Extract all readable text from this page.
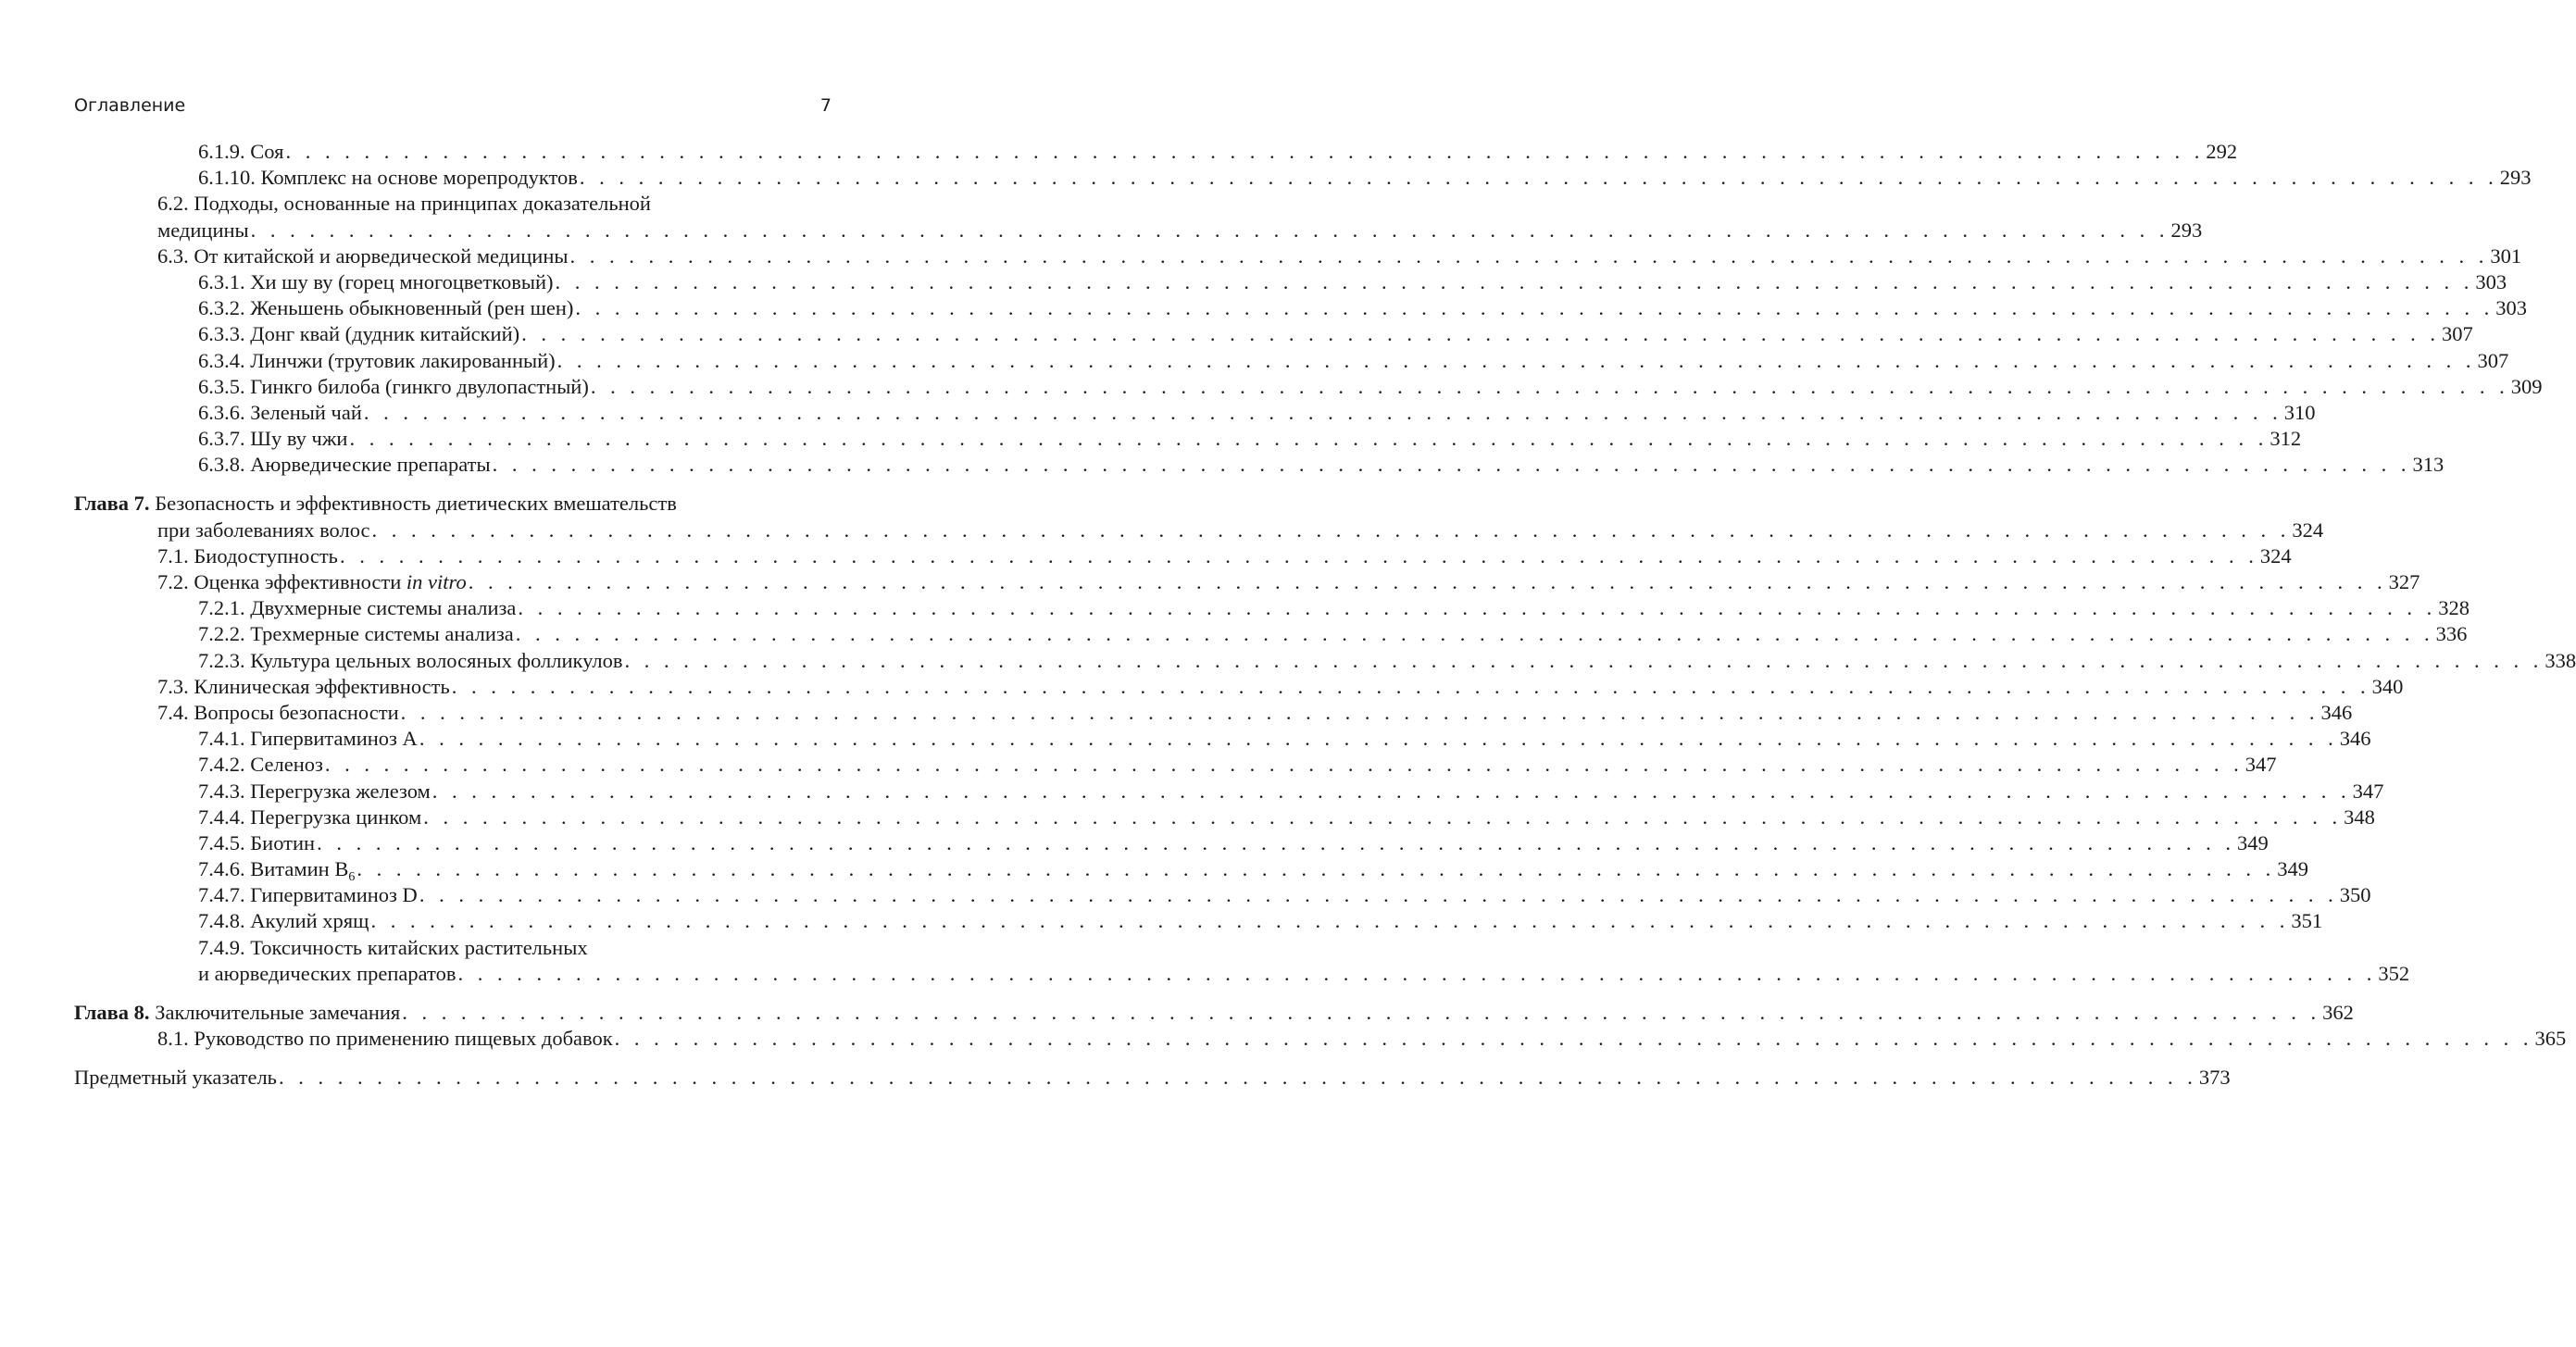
Оглавление	7
6.1.9. Соя . . . . . . . . . . . . . . . . . . . . . . . . . . . . . . . . . . . . . . . . . . . . . . . . . . . . . . . . . . . . . . . . . . . . . . . . . . . . . . . . . . . . . . . . . . . . . . . . . . 292
6.1.10. Комплекс на основе морепродуктов . . . . . . . . . . . . . . . . . . . . . . . . . . . . . . . . . . . . . . . . . . . . . . . . . . . . . . . . . . . . . . . . . . . . . . . . . . . . . . . . . . . . . . . . . . . . . . . . . . 293
6.2. Подходы, основанные на принципах доказательной
медицины . . . . . . . . . . . . . . . . . . . . . . . . . . . . . . . . . . . . . . . . . . . . . . . . . . . . . . . . . . . . . . . . . . . . . . . . . . . . . . . . . . . . . . . . . . . . . . . . . . 293
6.3. От китайской и аюрведической медицины . . . . . . . . . . . . . . . . . . . . . . . . . . . . . . . . . . . . . . . . . . . . . . . . . . . . . . . . . . . . . . . . . . . . . . . . . . . . . . . . . . . . . . . . . . . . . . . . . . 301
6.3.1. Хи шу ву (горец многоцветковый) . . . . . . . . . . . . . . . . . . . . . . . . . . . . . . . . . . . . . . . . . . . . . . . . . . . . . . . . . . . . . . . . . . . . . . . . . . . . . . . . . . . . . . . . . . . . . . . . . . 303
6.3.2. Женьшень обыкновенный (рен шен) . . . . . . . . . . . . . . . . . . . . . . . . . . . . . . . . . . . . . . . . . . . . . . . . . . . . . . . . . . . . . . . . . . . . . . . . . . . . . . . . . . . . . . . . . . . . . . . . . . 303
6.3.3. Донг квай (дудник китайский) . . . . . . . . . . . . . . . . . . . . . . . . . . . . . . . . . . . . . . . . . . . . . . . . . . . . . . . . . . . . . . . . . . . . . . . . . . . . . . . . . . . . . . . . . . . . . . . . . . 307
6.3.4. Линчжи (трутовик лакированный) . . . . . . . . . . . . . . . . . . . . . . . . . . . . . . . . . . . . . . . . . . . . . . . . . . . . . . . . . . . . . . . . . . . . . . . . . . . . . . . . . . . . . . . . . . . . . . . . . . 307
6.3.5. Гинкго билоба (гинкго двулопастный) . . . . . . . . . . . . . . . . . . . . . . . . . . . . . . . . . . . . . . . . . . . . . . . . . . . . . . . . . . . . . . . . . . . . . . . . . . . . . . . . . . . . . . . . . . . . . . . . . . 309
6.3.6. Зеленый чай . . . . . . . . . . . . . . . . . . . . . . . . . . . . . . . . . . . . . . . . . . . . . . . . . . . . . . . . . . . . . . . . . . . . . . . . . . . . . . . . . . . . . . . . . . . . . . . . . . 310
6.3.7. Шу ву чжи . . . . . . . . . . . . . . . . . . . . . . . . . . . . . . . . . . . . . . . . . . . . . . . . . . . . . . . . . . . . . . . . . . . . . . . . . . . . . . . . . . . . . . . . . . . . . . . . . . 312
6.3.8. Аюрведические препараты . . . . . . . . . . . . . . . . . . . . . . . . . . . . . . . . . . . . . . . . . . . . . . . . . . . . . . . . . . . . . . . . . . . . . . . . . . . . . . . . . . . . . . . . . . . . . . . . . . 313
Глава 7. Безопасность и эффективность диетических вмешательств
при заболеваниях волос . . . . . . . . . . . . . . . . . . . . . . . . . . . . . . . . . . . . . . . . . . . . . . . . . . . . . . . . . . . . . . . . . . . . . . . . . . . . . . . . . . . . . . . . . . . . . . . . . . 324
7.1. Биодоступность . . . . . . . . . . . . . . . . . . . . . . . . . . . . . . . . . . . . . . . . . . . . . . . . . . . . . . . . . . . . . . . . . . . . . . . . . . . . . . . . . . . . . . . . . . . . . . . . . . 324
7.2. Оценка эффективности in vitro . . . . . . . . . . . . . . . . . . . . . . . . . . . . . . . . . . . . . . . . . . . . . . . . . . . . . . . . . . . . . . . . . . . . . . . . . . . . . . . . . . . . . . . . . . . . . . . . . . 327
7.2.1. Двухмерные системы анализа . . . . . . . . . . . . . . . . . . . . . . . . . . . . . . . . . . . . . . . . . . . . . . . . . . . . . . . . . . . . . . . . . . . . . . . . . . . . . . . . . . . . . . . . . . . . . . . . . . 328
7.2.2. Трехмерные системы анализа . . . . . . . . . . . . . . . . . . . . . . . . . . . . . . . . . . . . . . . . . . . . . . . . . . . . . . . . . . . . . . . . . . . . . . . . . . . . . . . . . . . . . . . . . . . . . . . . . . 336
7.2.3. Культура цельных волосяных фолликулов . . . . . . . . . . . . . . . . . . . . . . . . . . . . . . . . . . . . . . . . . . . . . . . . . . . . . . . . . . . . . . . . . . . . . . . . . . . . . . . . . . . . . . . . . . . . . . . . . . 338
7.3. Клиническая эффективность . . . . . . . . . . . . . . . . . . . . . . . . . . . . . . . . . . . . . . . . . . . . . . . . . . . . . . . . . . . . . . . . . . . . . . . . . . . . . . . . . . . . . . . . . . . . . . . . . . 340
7.4. Вопросы безопасности . . . . . . . . . . . . . . . . . . . . . . . . . . . . . . . . . . . . . . . . . . . . . . . . . . . . . . . . . . . . . . . . . . . . . . . . . . . . . . . . . . . . . . . . . . . . . . . . . . 346
7.4.1. Гипервитаминоз A . . . . . . . . . . . . . . . . . . . . . . . . . . . . . . . . . . . . . . . . . . . . . . . . . . . . . . . . . . . . . . . . . . . . . . . . . . . . . . . . . . . . . . . . . . . . . . . . . . 346
7.4.2. Селеноз . . . . . . . . . . . . . . . . . . . . . . . . . . . . . . . . . . . . . . . . . . . . . . . . . . . . . . . . . . . . . . . . . . . . . . . . . . . . . . . . . . . . . . . . . . . . . . . . . . 347
7.4.3. Перегрузка железом . . . . . . . . . . . . . . . . . . . . . . . . . . . . . . . . . . . . . . . . . . . . . . . . . . . . . . . . . . . . . . . . . . . . . . . . . . . . . . . . . . . . . . . . . . . . . . . . . . 347
7.4.4. Перегрузка цинком . . . . . . . . . . . . . . . . . . . . . . . . . . . . . . . . . . . . . . . . . . . . . . . . . . . . . . . . . . . . . . . . . . . . . . . . . . . . . . . . . . . . . . . . . . . . . . . . . . 348
7.4.5. Биотин . . . . . . . . . . . . . . . . . . . . . . . . . . . . . . . . . . . . . . . . . . . . . . . . . . . . . . . . . . . . . . . . . . . . . . . . . . . . . . . . . . . . . . . . . . . . . . . . . . 349
7.4.6. Витамин $B_6$ . . . . . . . . . . . . . . . . . . . . . . . . . . . . . . . . . . . . . . . . . . . . . . . . . . . . . . . . . . . . . . . . . . . . . . . . . . . . . . . . . . . . . . . . . . . . . . . . . . 349
7.4.7. Гипервитаминоз D . . . . . . . . . . . . . . . . . . . . . . . . . . . . . . . . . . . . . . . . . . . . . . . . . . . . . . . . . . . . . . . . . . . . . . . . . . . . . . . . . . . . . . . . . . . . . . . . . . 350
7.4.8. Акулий хрящ . . . . . . . . . . . . . . . . . . . . . . . . . . . . . . . . . . . . . . . . . . . . . . . . . . . . . . . . . . . . . . . . . . . . . . . . . . . . . . . . . . . . . . . . . . . . . . . . . . 351
7.4.9. Токсичность китайских растительных
и аюрведических препаратов . . . . . . . . . . . . . . . . . . . . . . . . . . . . . . . . . . . . . . . . . . . . . . . . . . . . . . . . . . . . . . . . . . . . . . . . . . . . . . . . . . . . . . . . . . . . . . . . . . 352
Глава 8. Заключительные замечания . . . . . . . . . . . . . . . . . . . . . . . . . . . . . . . . . . . . . . . . . . . . . . . . . . . . . . . . . . . . . . . . . . . . . . . . . . . . . . . . . . . . . . . . . . . . . . . . . . 362
8.1. Руководство по применению пищевых добавок . . . . . . . . . . . . . . . . . . . . . . . . . . . . . . . . . . . . . . . . . . . . . . . . . . . . . . . . . . . . . . . . . . . . . . . . . . . . . . . . . . . . . . . . . . . . . . . . . . 365
Предметный указатель . . . . . . . . . . . . . . . . . . . . . . . . . . . . . . . . . . . . . . . . . . . . . . . . . . . . . . . . . . . . . . . . . . . . . . . . . . . . . . . . . . . . . . . . . . . . . . . . . . 373
